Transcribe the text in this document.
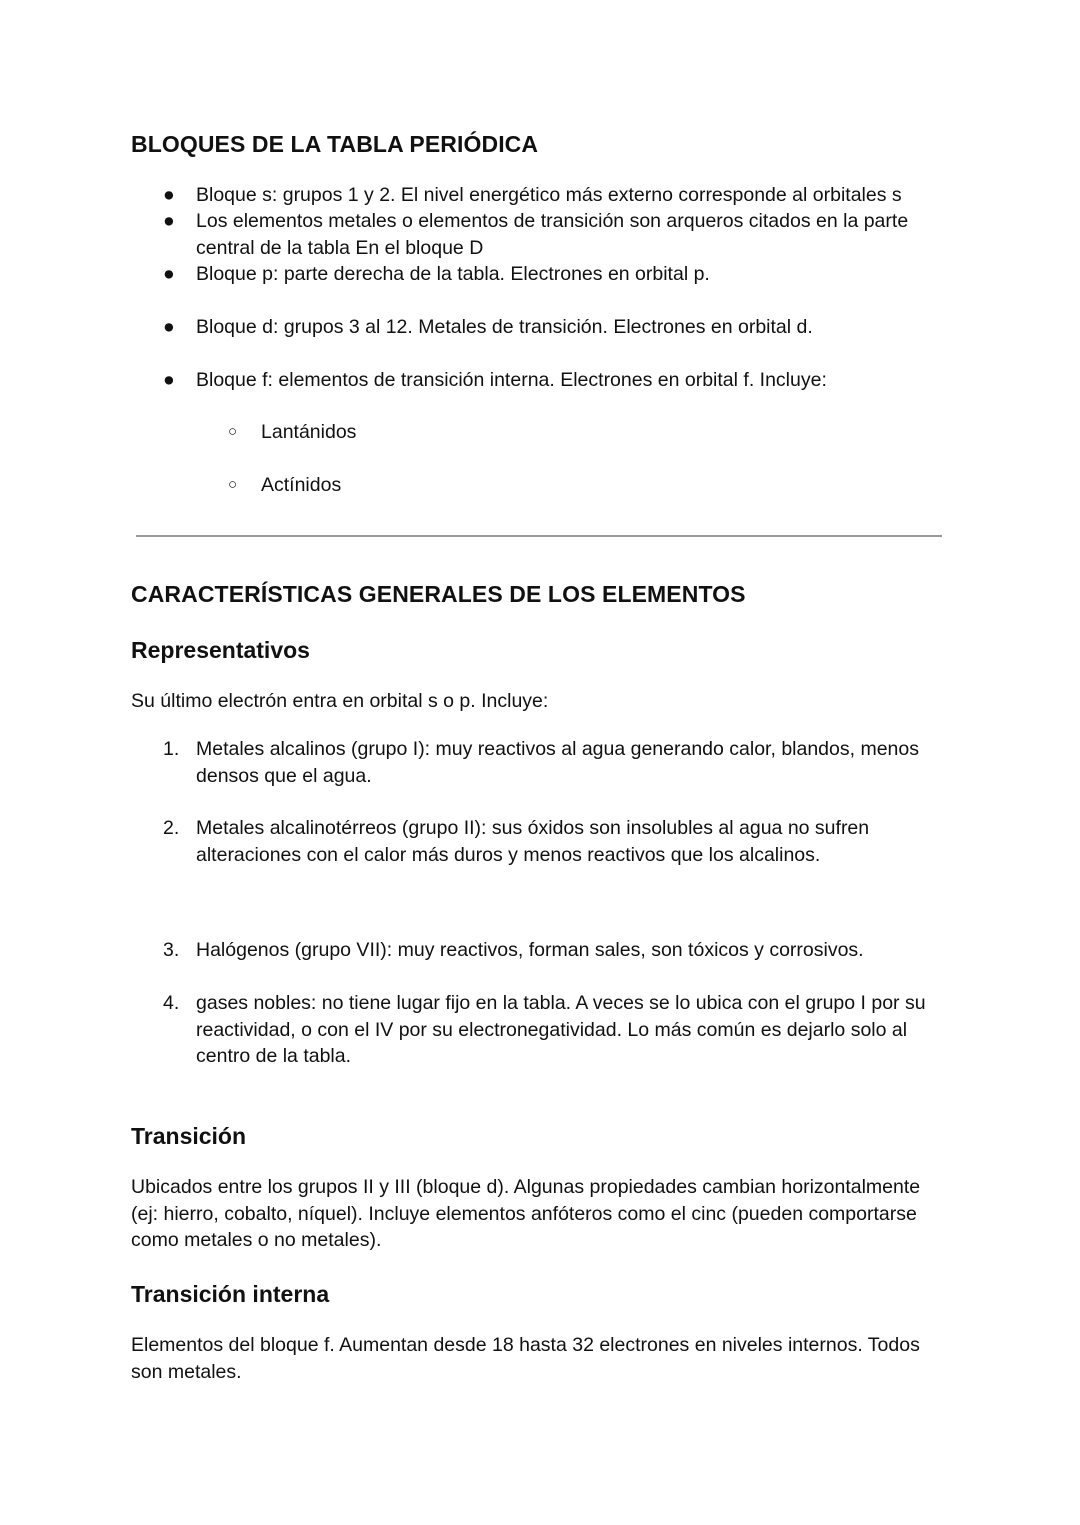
BLOQUES DE LA TABLA PERIÓDICA
●	Bloque s: grupos 1 y 2. El nivel energético más externo corresponde al orbitales s
●	Los elementos metales o elementos de transición son arqueros citados en la parte central de la tabla En el bloque D
●	Bloque p: parte derecha de la tabla. Electrones en orbital p.
●	Bloque d: grupos 3 al 12. Metales de transición. Electrones en orbital d.
●	Bloque f: elementos de transición interna. Electrones en orbital f. Incluye:
○ Lantánidos
○ Actínidos
CARACTERÍSTICAS GENERALES DE LOS ELEMENTOS
Representativos
Su último electrón entra en orbital s o p. Incluye:
1. Metales alcalinos (grupo I): muy reactivos al agua generando calor, blandos, menos densos que el agua.
2. Metales alcalinotérreos (grupo II): sus óxidos son insolubles al agua no sufren alteraciones con el calor más duros y menos reactivos que los alcalinos.
3. Halógenos (grupo VII): muy reactivos, forman sales, son tóxicos y corrosivos.
4. gases nobles: no tiene lugar fijo en la tabla. A veces se lo ubica con el grupo I por su reactividad, o con el IV por su electronegatividad. Lo más común es dejarlo solo al centro de la tabla.
Transición
Ubicados entre los grupos II y III (bloque d). Algunas propiedades cambian horizontalmente (ej: hierro, cobalto, níquel). Incluye elementos anfóteros como el cinc (pueden comportarse como metales o no metales).
Transición interna
Elementos del bloque f. Aumentan desde 18 hasta 32 electrones en niveles internos. Todos son metales.
